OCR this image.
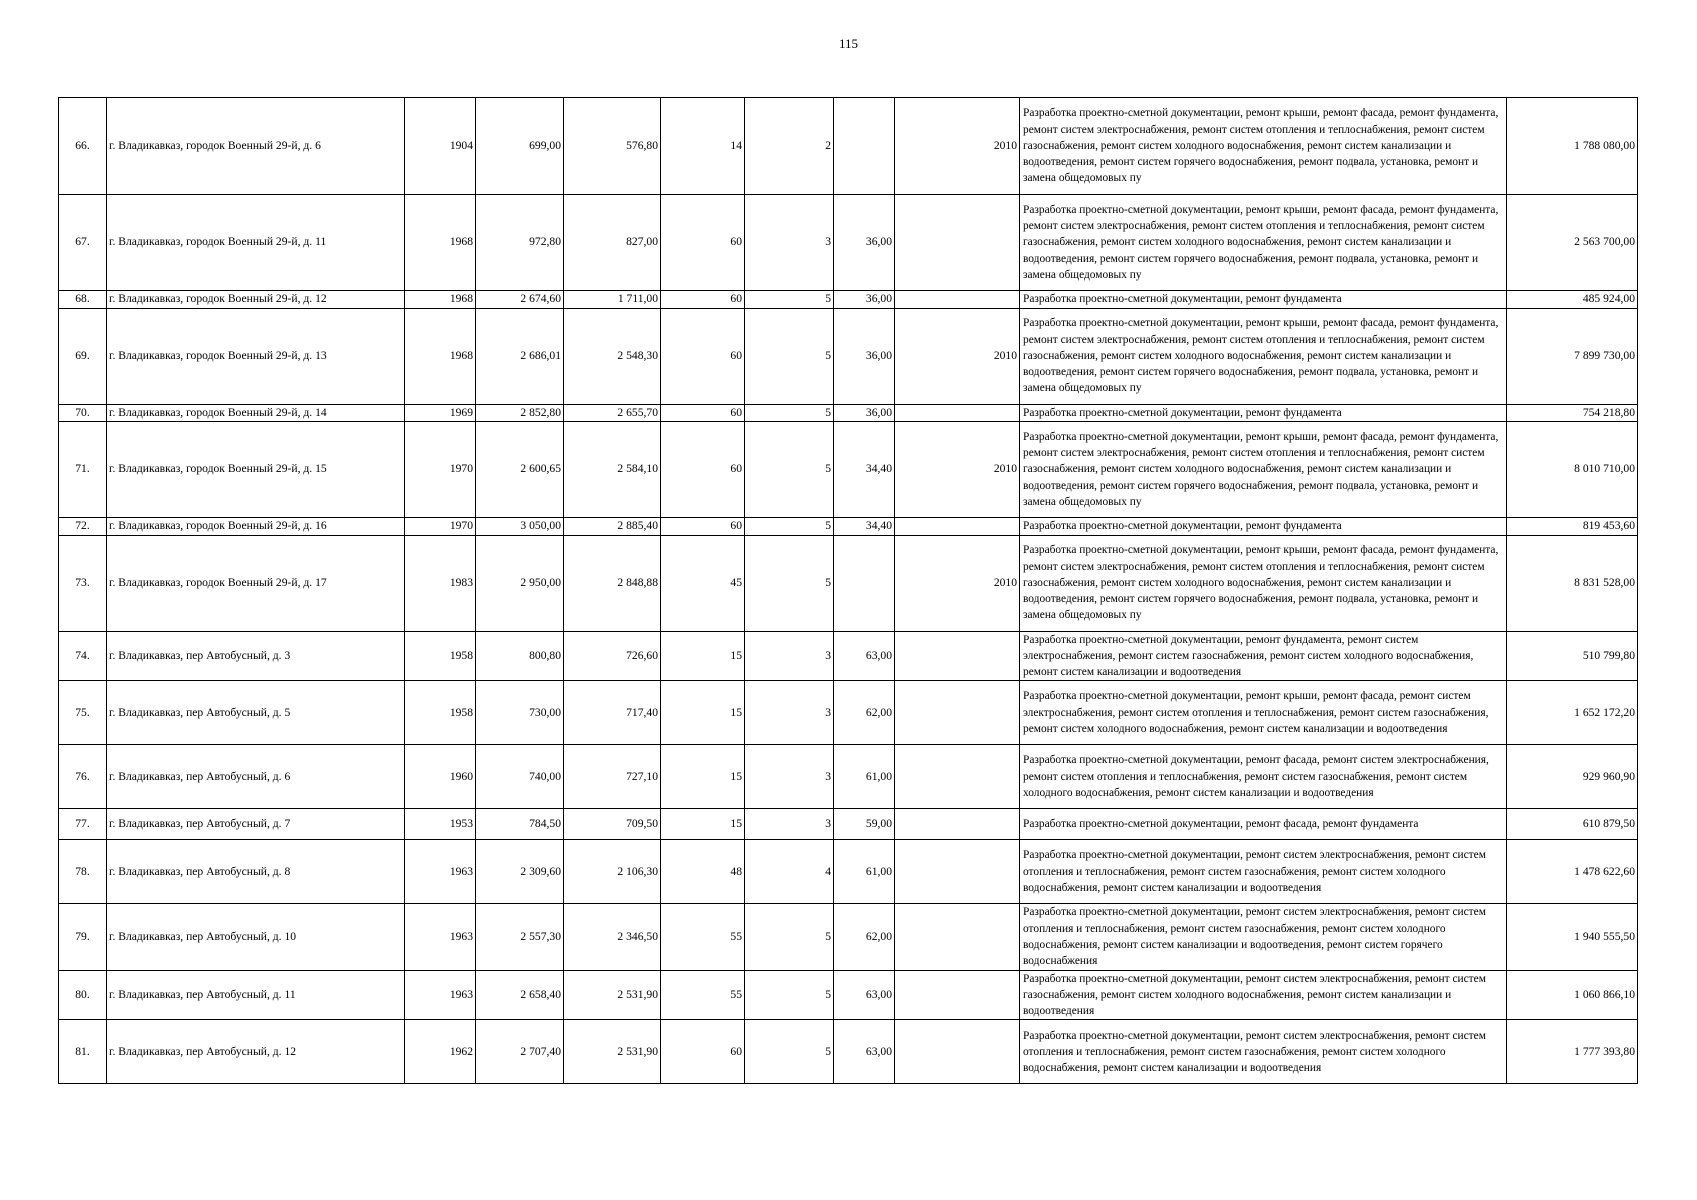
115
66.	г. Владикавказ, городок Военный 29-й, д. 6	1904	699,00	576,80	14	2		2010	Разработка проектно-сметной документации, ремонт крыши, ремонт фасада, ремонт фундамента, ремонт систем электроснабжения, ремонт систем отопления и теплоснабжения, ремонт систем газоснабжения, ремонт систем холодного водоснабжения, ремонт систем канализации и водоотведения, ремонт систем горячего водоснабжения, ремонт подвала, установка, ремонт и замена общедомовых пу	1 788 080,00
67.	г. Владикавказ, городок Военный 29-й, д. 11	1968	972,80	827,00	60	3	36,00		Разработка проектно-сметной документации, ремонт крыши, ремонт фасада, ремонт фундамента, ремонт систем электроснабжения, ремонт систем отопления и теплоснабжения, ремонт систем газоснабжения, ремонт систем холодного водоснабжения, ремонт систем канализации и водоотведения, ремонт систем горячего водоснабжения, ремонт подвала, установка, ремонт и замена общедомовых пу	2 563 700,00
68.	г. Владикавказ, городок Военный 29-й, д. 12	1968	2 674,60	1 711,00	60	5	36,00		Разработка проектно-сметной документации, ремонт фундамента	485 924,00
69.	г. Владикавказ, городок Военный 29-й, д. 13	1968	2 686,01	2 548,30	60	5	36,00	2010	Разработка проектно-сметной документации, ремонт крыши, ремонт фасада, ремонт фундамента, ремонт систем электроснабжения, ремонт систем отопления и теплоснабжения, ремонт систем газоснабжения, ремонт систем холодного водоснабжения, ремонт систем канализации и водоотведения, ремонт систем горячего водоснабжения, ремонт подвала, установка, ремонт и замена общедомовых пу	7 899 730,00
70.	г. Владикавказ, городок Военный 29-й, д. 14	1969	2 852,80	2 655,70	60	5	36,00		Разработка проектно-сметной документации, ремонт фундамента	754 218,80
71.	г. Владикавказ, городок Военный 29-й, д. 15	1970	2 600,65	2 584,10	60	5	34,40	2010	Разработка проектно-сметной документации, ремонт крыши, ремонт фасада, ремонт фундамента, ремонт систем электроснабжения, ремонт систем отопления и теплоснабжения, ремонт систем газоснабжения, ремонт систем холодного водоснабжения, ремонт систем канализации и водоотведения, ремонт систем горячего водоснабжения, ремонт подвала, установка, ремонт и замена общедомовых пу	8 010 710,00
72.	г. Владикавказ, городок Военный 29-й, д. 16	1970	3 050,00	2 885,40	60	5	34,40		Разработка проектно-сметной документации, ремонт фундамента	819 453,60
73.	г. Владикавказ, городок Военный 29-й, д. 17	1983	2 950,00	2 848,88	45	5		2010	Разработка проектно-сметной документации, ремонт крыши, ремонт фасада, ремонт фундамента, ремонт систем электроснабжения, ремонт систем отопления и теплоснабжения, ремонт систем газоснабжения, ремонт систем холодного водоснабжения, ремонт систем канализации и водоотведения, ремонт систем горячего водоснабжения, ремонт подвала, установка, ремонт и замена общедомовых пу	8 831 528,00
74.	г. Владикавказ, пер Автобусный, д. 3	1958	800,80	726,60	15	3	63,00		Разработка проектно-сметной документации, ремонт фундамента, ремонт систем электроснабжения, ремонт систем газоснабжения, ремонт систем холодного водоснабжения, ремонт систем канализации и водоотведения	510 799,80
75.	г. Владикавказ, пер Автобусный, д. 5	1958	730,00	717,40	15	3	62,00		Разработка проектно-сметной документации, ремонт крыши, ремонт фасада, ремонт систем электроснабжения, ремонт систем отопления и теплоснабжения, ремонт систем газоснабжения, ремонт систем холодного водоснабжения, ремонт систем канализации и водоотведения	1 652 172,20
76.	г. Владикавказ, пер Автобусный, д. 6	1960	740,00	727,10	15	3	61,00		Разработка проектно-сметной документации, ремонт фасада, ремонт систем электроснабжения, ремонт систем отопления и теплоснабжения, ремонт систем газоснабжения, ремонт систем холодного водоснабжения, ремонт систем канализации и водоотведения	929 960,90
77.	г. Владикавказ, пер Автобусный, д. 7	1953	784,50	709,50	15	3	59,00		Разработка проектно-сметной документации, ремонт фасада, ремонт фундамента	610 879,50
78.	г. Владикавказ, пер Автобусный, д. 8	1963	2 309,60	2 106,30	48	4	61,00		Разработка проектно-сметной документации, ремонт систем электроснабжения, ремонт систем отопления и теплоснабжения, ремонт систем газоснабжения, ремонт систем холодного водоснабжения, ремонт систем канализации и водоотведения	1 478 622,60
79.	г. Владикавказ, пер Автобусный, д. 10	1963	2 557,30	2 346,50	55	5	62,00		Разработка проектно-сметной документации, ремонт систем электроснабжения, ремонт систем отопления и теплоснабжения, ремонт систем газоснабжения, ремонт систем холодного водоснабжения, ремонт систем канализации и водоотведения, ремонт систем горячего водоснабжения	1 940 555,50
80.	г. Владикавказ, пер Автобусный, д. 11	1963	2 658,40	2 531,90	55	5	63,00		Разработка проектно-сметной документации, ремонт систем электроснабжения, ремонт систем газоснабжения, ремонт систем холодного водоснабжения, ремонт систем канализации и водоотведения	1 060 866,10
81.	г. Владикавказ, пер Автобусный, д. 12	1962	2 707,40	2 531,90	60	5	63,00		Разработка проектно-сметной документации, ремонт систем электроснабжения, ремонт систем отопления и теплоснабжения, ремонт систем газоснабжения, ремонт систем холодного водоснабжения, ремонт систем канализации и водоотведения	1 777 393,80
